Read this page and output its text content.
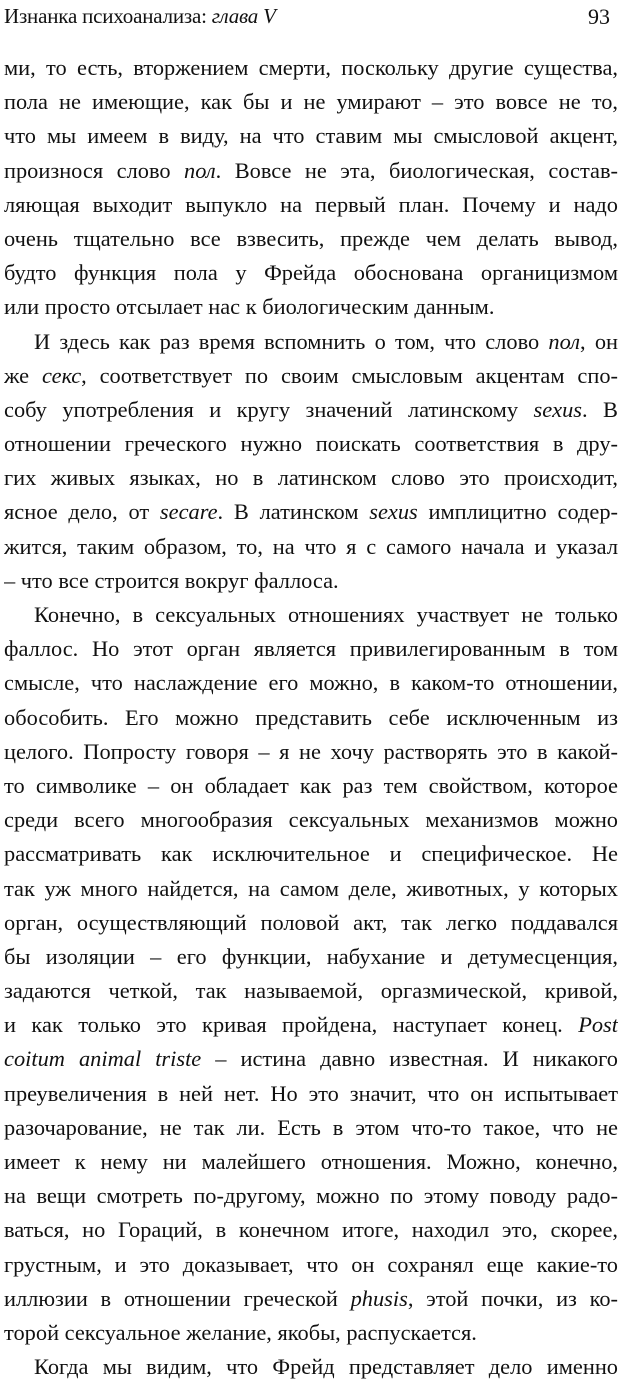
Изнанка психоанализа: глава V	93
ми, то есть, вторжением смерти, поскольку другие существа,
пола не имеющие, как бы и не умирают – это вовсе не то,
что мы имеем в виду, на что ставим мы смысловой акцент,
произнося слово пол. Вовсе не эта, биологическая, состав-
ляющая выходит выпукло на первый план. Почему и надо
очень тщательно все взвесить, прежде чем делать вывод,
будто функция пола у Фрейда обоснована органицизмом
или просто отсылает нас к биологическим данным.
И здесь как раз время вспомнить о том, что слово пол, он
же секс, соответствует по своим смысловым акцентам спо-
собу употребления и кругу значений латинскому sexus. В
отношении греческого нужно поискать соответствия в дру-
гих живых языках, но в латинском слово это происходит,
ясное дело, от secare. В латинском sexus имплицитно содер-
жится, таким образом, то, на что я с самого начала и указал
– что все строится вокруг фаллоса.
Конечно, в сексуальных отношениях участвует не только
фаллос. Но этот орган является привилегированным в том
смысле, что наслаждение его можно, в каком-то отношении,
обособить. Его можно представить себе исключенным из
целого. Попросту говоря – я не хочу растворять это в какой-
то символике – он обладает как раз тем свойством, которое
среди всего многообразия сексуальных механизмов можно
рассматривать как исключительное и специфическое. Не
так уж много найдется, на самом деле, животных, у которых
орган, осуществляющий половой акт, так легко поддавался
бы изоляции – его функции, набухание и детумесценция,
задаются четкой, так называемой, оргазмической, кривой,
и как только это кривая пройдена, наступает конец. Post
coitum animal triste – истина давно известная. И никакого
преувеличения в ней нет. Но это значит, что он испытывает
разочарование, не так ли. Есть в этом что-то такое, что не
имеет к нему ни малейшего отношения. Можно, конечно,
на вещи смотреть по-другому, можно по этому поводу радо-
ваться, но Гораций, в конечном итоге, находил это, скорее,
грустным, и это доказывает, что он сохранял еще какие-то
иллюзии в отношении греческой phusis, этой почки, из ко-
торой сексуальное желание, якобы, распускается.
Когда мы видим, что Фрейд представляет дело именно
